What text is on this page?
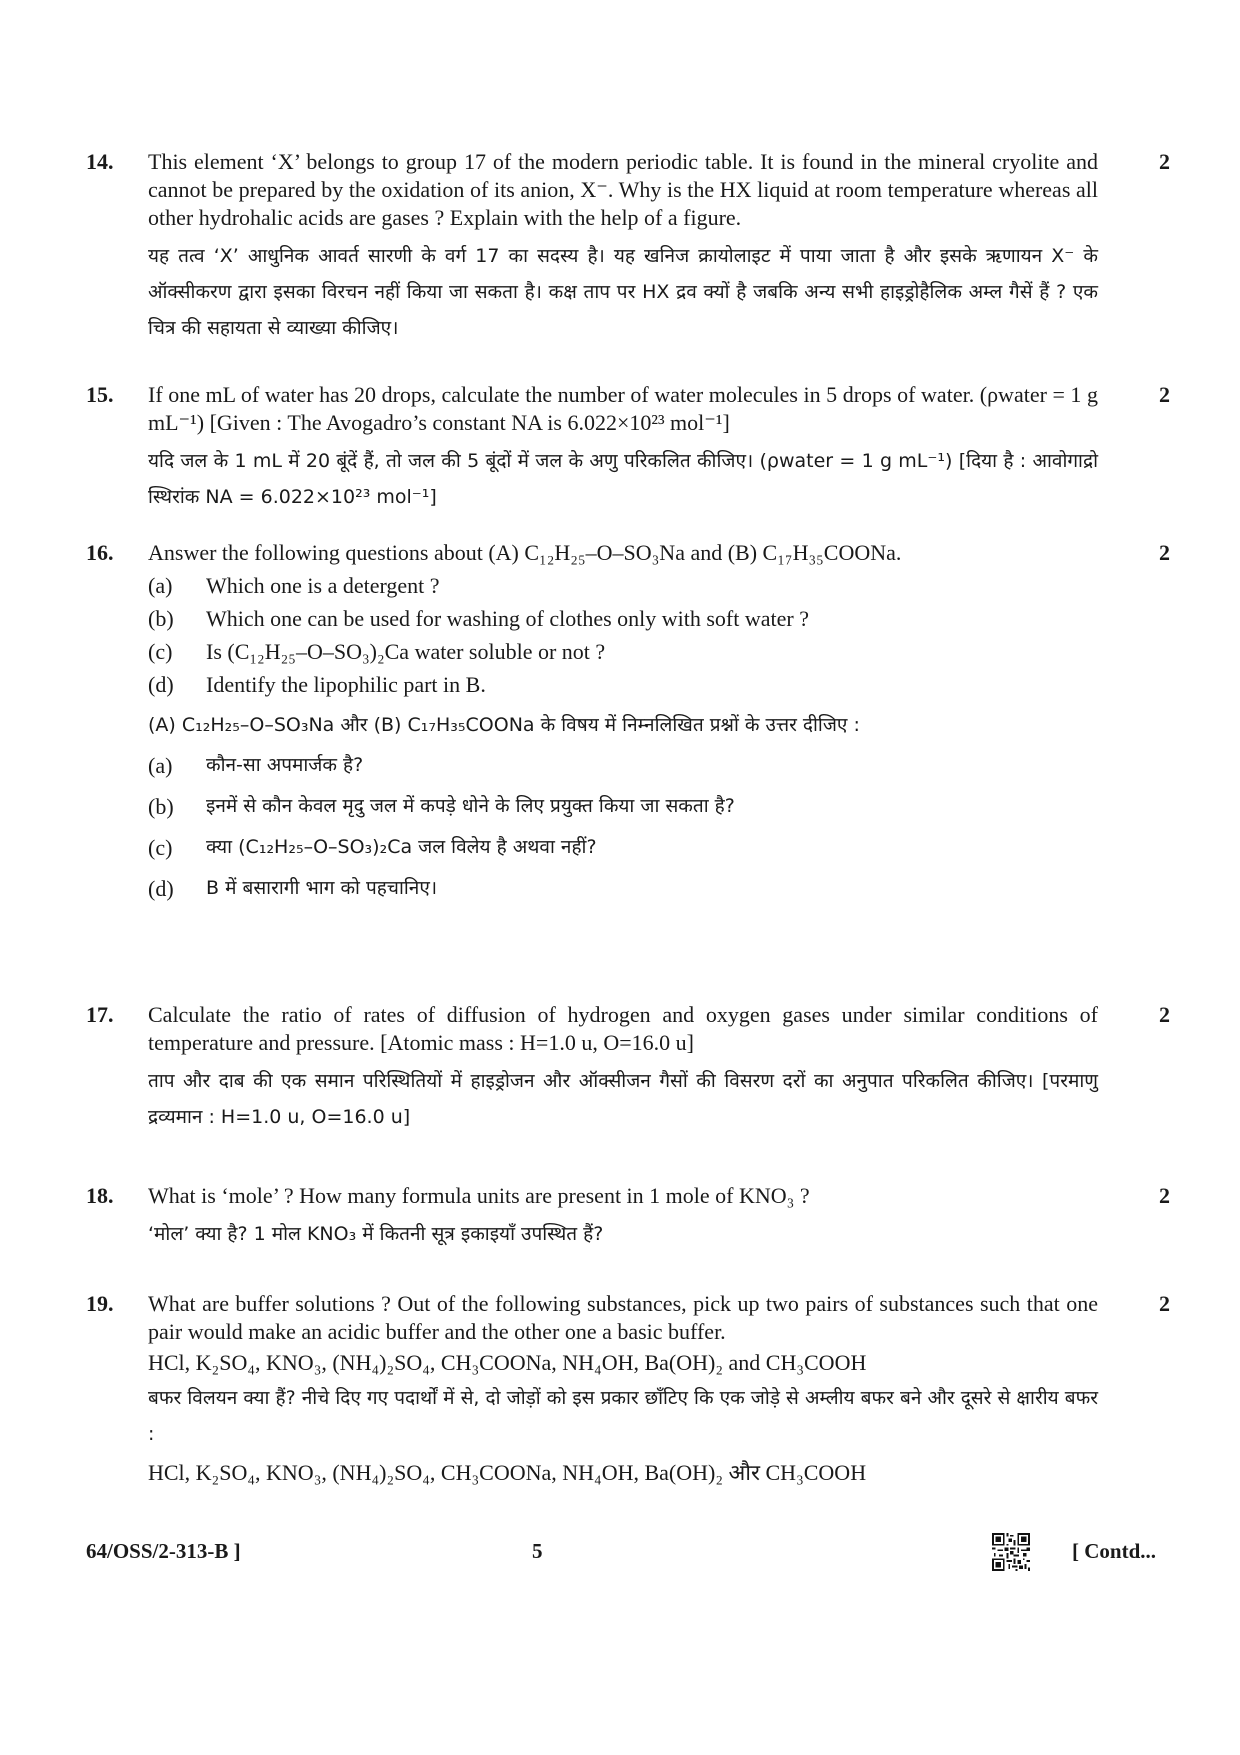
14.	This element ‘X’ belongs to group 17 of the modern periodic table. It is found in the mineral cryolite and cannot be prepared by the oxidation of its anion, X⁻. Why is the HX liquid at room temperature whereas all other hydrohalic acids are gases ? Explain with the help of a figure.

यह तत्व ‘X’ आधुनिक आवर्त सारणी के वर्ग 17 का सदस्य है। यह खनिज क्रायोलाइट में पाया जाता है और इसके ऋणायन X⁻ के ऑक्सीकरण द्वारा इसका विरचन नहीं किया जा सकता है। कक्ष ताप पर HX द्रव क्यों है जबकि अन्य सभी हाइड्रोहैलिक अम्ल गैसें हैं ? एक चित्र की सहायता से व्याख्या कीजिए।

2
15.	If one mL of water has 20 drops, calculate the number of water molecules in 5 drops of water. (ρwater = 1 g mL⁻¹) [Given : The Avogadro’s constant NA is 6.022×10²³ mol⁻¹]

यदि जल के 1 mL में 20 बूंदें हैं, तो जल की 5 बूंदों में जल के अणु परिकलित कीजिए। (ρwater = 1 g mL⁻¹) [दिया है : आवोगाद्रो स्थिरांक NA = 6.022×10²³ mol⁻¹]

2
16.	Answer the following questions about (A) C₁₂H₂₅–O–SO₃Na and (B) C₁₇H₃₅COONa.

(a)	Which one is a detergent ?
(b)	Which one can be used for washing of clothes only with soft water ?
(c)	Is (C₁₂H₂₅–O–SO₃)₂Ca water soluble or not ?
(d)	Identify the lipophilic part in B.

(A) C₁₂H₂₅–O–SO₃Na और (B) C₁₇H₃₅COONa के विषय में निम्नलिखित प्रश्नों के उत्तर दीजिए :

(a)	कौन-सा अपमार्जक है?
(b)	इनमें से कौन केवल मृदु जल में कपड़े धोने के लिए प्रयुक्त किया जा सकता है?
(c)	क्या (C₁₂H₂₅–O–SO₃)₂Ca जल विलेय है अथवा नहीं?
(d)	B में बसारागी भाग को पहचानिए।
2
17.	Calculate the ratio of rates of diffusion of hydrogen and oxygen gases under similar conditions of temperature and pressure. [Atomic mass : H=1.0 u, O=16.0 u]

ताप और दाब की एक समान परिस्थितियों में हाइड्रोजन और ऑक्सीजन गैसों की विसरण दरों का अनुपात परिकलित कीजिए। [परमाणु द्रव्यमान : H=1.0 u, O=16.0 u]

2
18.	What is ‘mole’ ? How many formula units are present in 1 mole of KNO₃ ?

‘मोल’ क्या है? 1 मोल KNO₃ में कितनी सूत्र इकाइयाँ उपस्थित हैं?

2
19.	What are buffer solutions ? Out of the following substances, pick up two pairs of substances such that one pair would make an acidic buffer and the other one a basic buffer.

HCl, K₂SO₄, KNO₃, (NH₄)₂SO₄, CH₃COONa, NH₄OH, Ba(OH)₂ and CH₃COOH

बफर विलयन क्या हैं? नीचे दिए गए पदार्थों में से, दो जोड़ों को इस प्रकार छाँटिए कि एक जोड़े से अम्लीय बफर बने और दूसरे से क्षारीय बफर :

HCl, K₂SO₄, KNO₃, (NH₄)₂SO₄, CH₃COONa, NH₄OH, Ba(OH)₂ और CH₃COOH

2
64/OSS/2-313-B ]	5	[ Contd...
